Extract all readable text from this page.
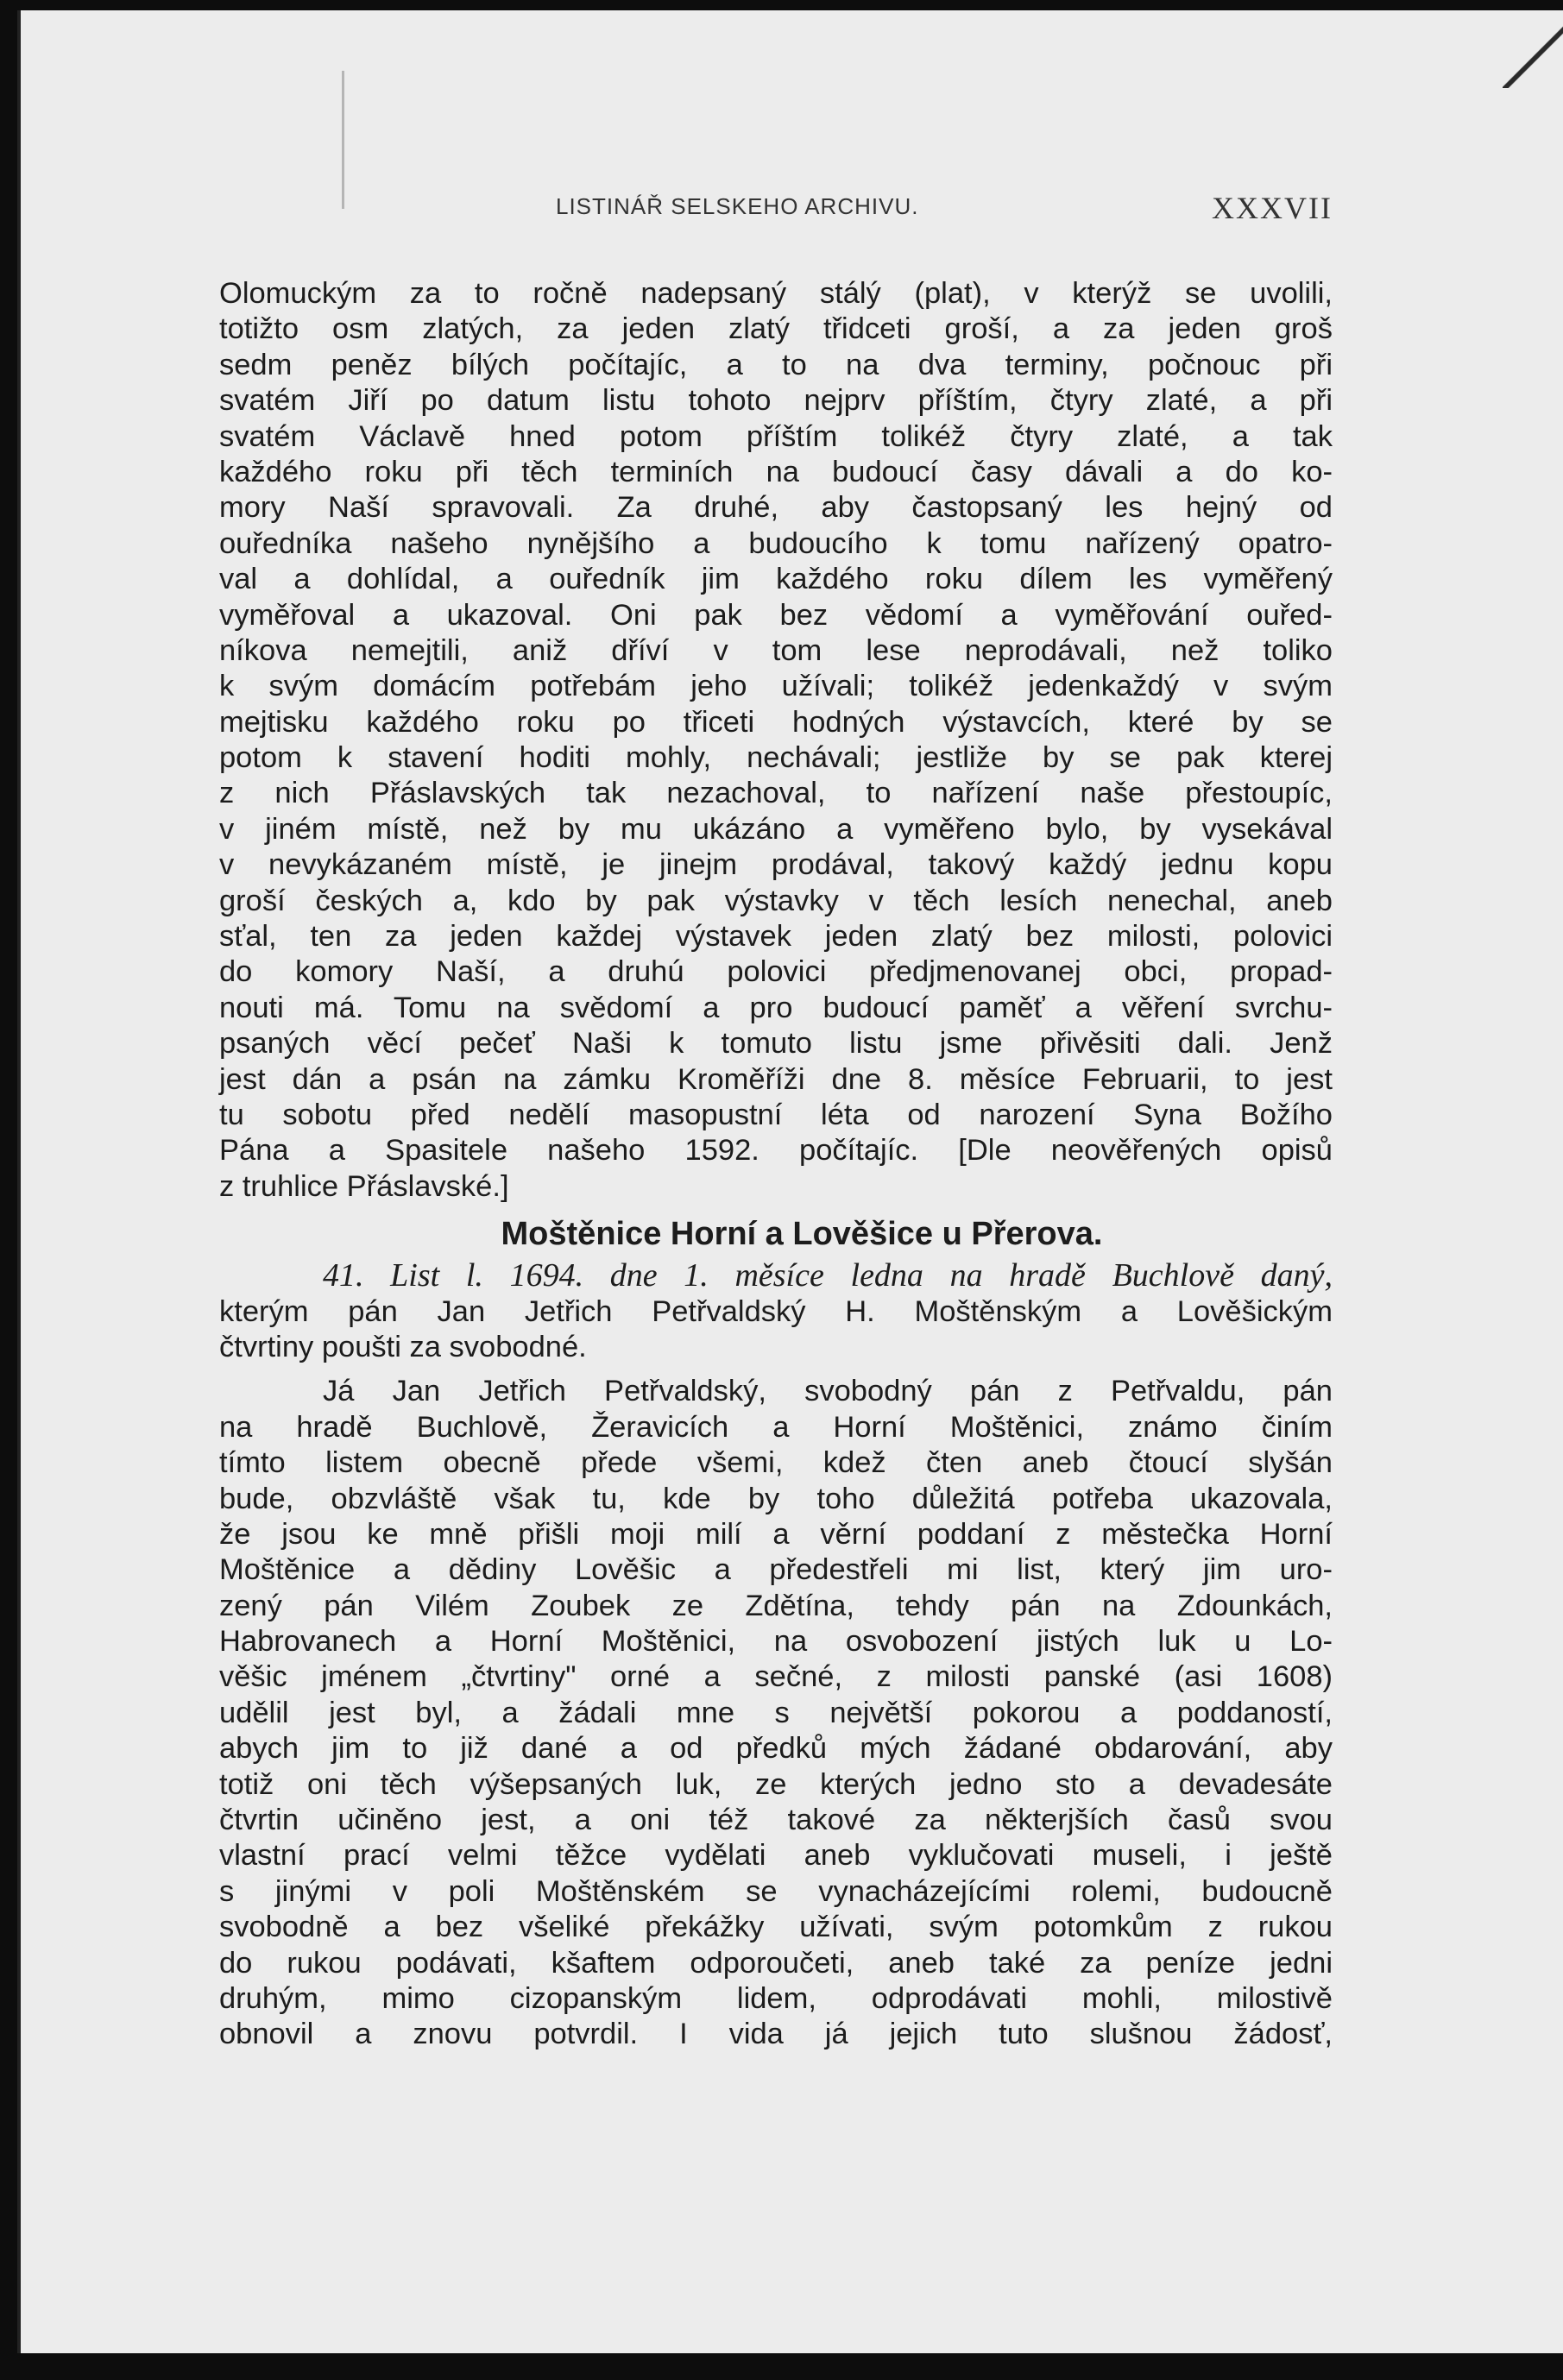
LISTINÁŘ SELSKEHO ARCHIVU.	XXXVII
Olomuckým za to ročně nadepsaný stálý (plat), v kterýž se uvolili,
totižto osm zlatých, za jeden zlatý třidceti groší, a za jeden groš
sedm peněz bílých počítajíc, a to na dva terminy, počnouc při
svatém Jiří po datum listu tohoto nejprv příštím, čtyry zlaté, a při
svatém Václavě hned potom příštím tolikéž čtyry zlaté, a tak
každého roku při těch terminích na budoucí časy dávali a do ko-
mory Naší spravovali. Za druhé, aby častopsaný les hejný od
ouředníka našeho nynějšího a budoucího k tomu nařízený opatro-
val a dohlídal, a ouředník jim každého roku dílem les vyměřený
vyměřoval a ukazoval. Oni pak bez vědomí a vyměřování ouřed-
níkova nemejtili, aniž dříví v tom lese neprodávali, než toliko
k svým domácím potřebám jeho užívali; tolikéž jedenkaždý v svým
mejtisku každého roku po třiceti hodných výstavcích, které by se
potom k stavení hoditi mohly, nechávali; jestliže by se pak kterej
z nich Přáslavských tak nezachoval, to nařízení naše přestoupíc,
v jiném místě, než by mu ukázáno a vyměřeno bylo, by vysekával
v nevykázaném místě, je jinejm prodával, takový každý jednu kopu
groší českých a, kdo by pak výstavky v těch lesích nenechal, aneb
sťal, ten za jeden každej výstavek jeden zlatý bez milosti, polovici
do komory Naší, a druhú polovici předjmenovanej obci, propad-
nouti má. Tomu na svědomí a pro budoucí paměť a věření svrchu-
psaných věcí pečeť Naši k tomuto listu jsme přivěsiti dali. Jenž
jest dán a psán na zámku Kroměříži dne 8. měsíce Februarii, to jest
tu sobotu před nedělí masopustní léta od narození Syna Božího
Pána a Spasitele našeho 1592. počítajíc. [Dle neověřených opisů
z truhlice Přáslavské.]
Moštěnice Horní a Lověšice u Přerova.
41. List l. 1694. dne 1. měsíce ledna na hradě Buchlově daný,
kterým pán Jan Jetřich Petřvaldský H. Moštěnským a Lověšickým
čtvrtiny poušti za svobodné.
Já Jan Jetřich Petřvaldský, svobodný pán z Petřvaldu, pán
na hradě Buchlově, Žeravicích a Horní Moštěnici, známo činím
tímto listem obecně přede všemi, kdež čten aneb čtoucí slyšán
bude, obzvláště však tu, kde by toho důležitá potřeba ukazovala,
že jsou ke mně přišli moji milí a věrní poddaní z městečka Horní
Moštěnice a dědiny Lověšic a předestřeli mi list, který jim uro-
zený pán Vilém Zoubek ze Zdětína, tehdy pán na Zdounkách,
Habrovanech a Horní Moštěnici, na osvobození jistých luk u Lo-
věšic jménem „čtvrtiny" orné a sečné, z milosti panské (asi 1608)
udělil jest byl, a žádali mne s největší pokorou a poddaností,
abych jim to již dané a od předků mých žádané obdarování, aby
totiž oni těch výšepsaných luk, ze kterých jedno sto a devadesáte
čtvrtin učiněno jest, a oni též takové za některjších časů svou
vlastní prací velmi těžce vydělati aneb vyklučovati museli, i ještě
s jinými v poli Moštěnském se vynacházejícími rolemi, budoucně
svobodně a bez všeliké překážky užívati, svým potomkům z rukou
do rukou podávati, kšaftem odporoučeti, aneb také za peníze jedni
druhým, mimo cizopanským lidem, odprodávati mohli, milostivě
obnovil a znovu potvrdil. I vida já jejich tuto slušnou žádosť,
